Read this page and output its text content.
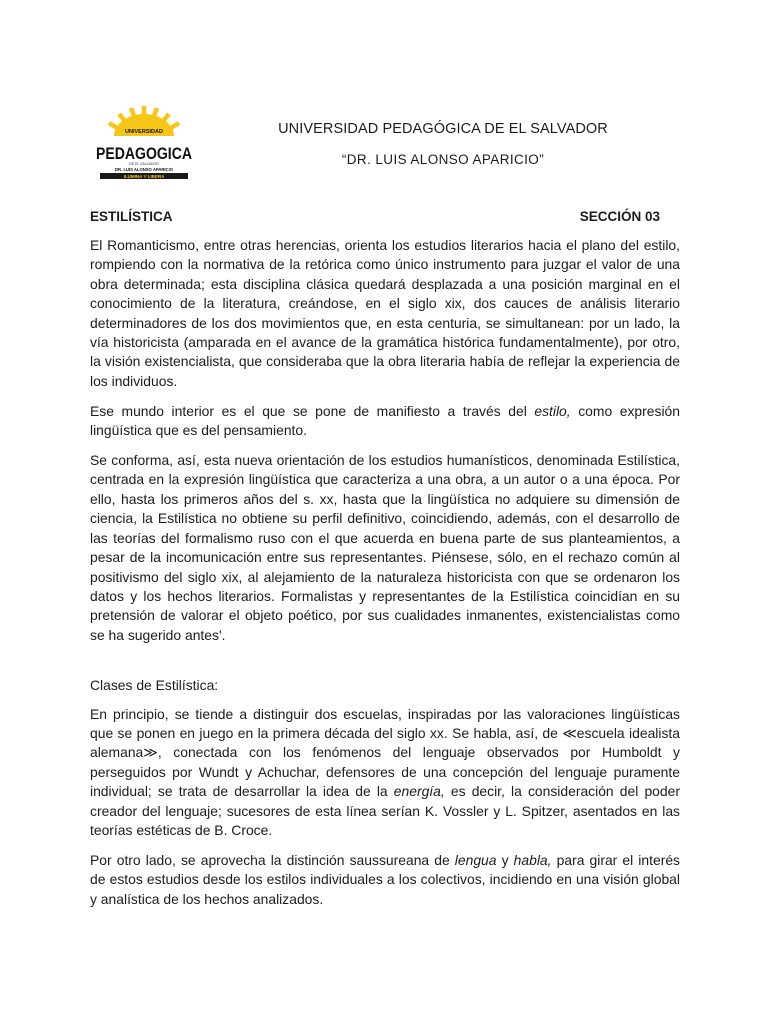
UNIVERSIDAD
PEDAGOGICA
DE EL SALVADOR
DR. LUIS ALONSO APARICIO
ILUMINA Y LIBERA
UNIVERSIDAD PEDAGÓGICA DE EL SALVADOR
“DR. LUIS ALONSO APARICIO”
ESTILÍSTICA	SECCIÓN 03

El Romanticismo, entre otras herencias, orienta los estudios literarios hacia el plano del estilo, rompiendo con la normativa de la retórica como único instrumento para juzgar el valor de una obra determinada; esta disciplina clásica quedará desplazada a una posición marginal en el conocimiento de la literatura, creándose, en el siglo xix, dos cauces de análisis literario determinadores de los dos movimientos que, en esta centuria, se simultanean: por un lado, la vía historicista (amparada en el avance de la gramática histórica fundamentalmente), por otro, la visión existencialista, que consideraba que la obra literaria había de reflejar la experiencia de los individuos.

Ese mundo interior es el que se pone de manifiesto a través del estilo, como expresión lingüística que es del pensamiento.

Se conforma, así, esta nueva orientación de los estudios humanísticos, denominada Estilística, centrada en la expresión lingüística que caracteriza a una obra, a un autor o a una época. Por ello, hasta los primeros años del s. xx, hasta que la lingüística no adquiere su dimensión de ciencia, la Estilística no obtiene su perfil definitivo, coincidiendo, además, con el desarrollo de las teorías del formalismo ruso con el que acuerda en buena parte de sus planteamientos, a pesar de la incomunicación entre sus representantes. Piénsese, sólo, en el rechazo común al positivismo del siglo xix, al alejamiento de la naturaleza historicista con que se ordenaron los datos y los hechos literarios. Formalistas y representantes de la Estilística coincidían en su pretensión de valorar el objeto poético, por sus cualidades inmanentes, existencialistas como se ha sugerido antes'.

Clases de Estilística:

En principio, se tiende a distinguir dos escuelas, inspiradas por las valoraciones lingüísticas que se ponen en juego en la primera década del siglo xx. Se habla, así, de ≪escuela idealista alemana≫, conectada con los fenómenos del lenguaje observados por Humboldt y perseguidos por Wundt y Achuchar, defensores de una concepción del lenguaje puramente individual; se trata de desarrollar la idea de la energía, es decir, la consideración del poder creador del lenguaje; sucesores de esta línea serían K. Vossler y L. Spitzer, asentados en las teorías estéticas de B. Croce.

Por otro lado, se aprovecha la distinción saussureana de lengua y habla, para girar el interés de estos estudios desde los estilos individuales a los colectivos, incidiendo en una visión global y analística de los hechos analizados.
